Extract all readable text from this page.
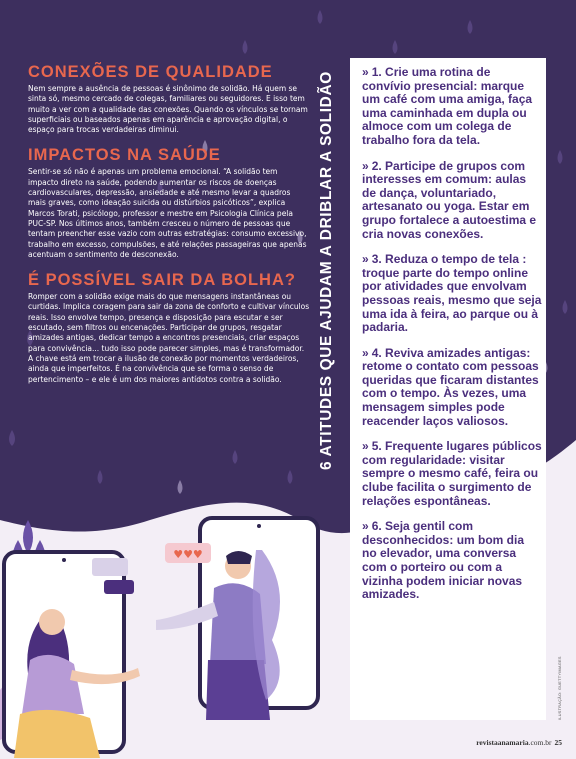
CONEXÕES DE QUALIDADE

Nem sempre a ausência de pessoas é sinônimo de solidão. Há quem se sinta só, mesmo cercado de colegas, familiares ou seguidores. E isso tem muito a ver com a qualidade das conexões. Quando os vínculos se tornam superficiais ou baseados apenas em aparência e aprovação digital, o espaço para trocas verdadeiras diminui.

IMPACTOS NA SAÚDE

Sentir-se só não é apenas um problema emocional. “A solidão tem impacto direto na saúde, podendo aumentar os riscos de doenças cardiovasculares, depressão, ansiedade e até mesmo levar a quadros mais graves, como ideação suicida ou distúrbios psicóticos”, explica Marcos Torati, psicólogo, professor e mestre em Psicologia Clínica pela PUC-SP. Nos últimos anos, também cresceu o número de pessoas que tentam preencher esse vazio com outras estratégias: consumo excessivo, trabalho em excesso, compulsões, e até relações passageiras que apenas acentuam o sentimento de desconexão.

É POSSÍVEL SAIR DA BOLHA?

Romper com a solidão exige mais do que mensagens instantâneas ou curtidas. Implica coragem para sair da zona de conforto e cultivar vínculos reais. Isso envolve tempo, presença e disposição para escutar e ser escutado, sem filtros ou encenações. Participar de grupos, resgatar amizades antigas, dedicar tempo a encontros presenciais, criar espaços para convivência... tudo isso pode parecer simples, mas é transformador. A chave está em trocar a ilusão de conexão por momentos verdadeiros, ainda que imperfeitos. É na convivência que se forma o senso de pertencimento – e ele é um dos maiores antídotos contra a solidão.	6 ATITUDES QUE AJUDAM A DRIBLAR A SOLIDÃO	» 1. Crie uma rotina de convívio presencial: marque um café com uma amiga, faça uma caminhada em dupla ou almoce com um colega de trabalho fora da tela.
» 2. Participe de grupos com interesses em comum: aulas de dança, voluntariado, artesanato ou yoga. Estar em grupo fortalece a autoestima e cria novas conexões.
» 3. Reduza o tempo de tela : troque parte do tempo online por atividades que envolvam pessoas reais, mesmo que seja uma ida à feira, ao parque ou à padaria.
» 4. Reviva amizades antigas: retome o contato com pessoas queridas que ficaram distantes com o tempo. Às vezes, uma mensagem simples pode reacender laços valiosos.
» 5. Frequente lugares públicos com regularidade: visitar sempre o mesmo café, feira ou clube facilita o surgimento de relações espontâneas.
» 6. Seja gentil com desconhecidos: um bom dia no elevador, uma conversa com o porteiro ou com a vizinha podem iniciar novas amizades.
♥♥♥
ILUSTRAÇÃO: GUETTYIMAGES
revistaanamaria.com.br 25
